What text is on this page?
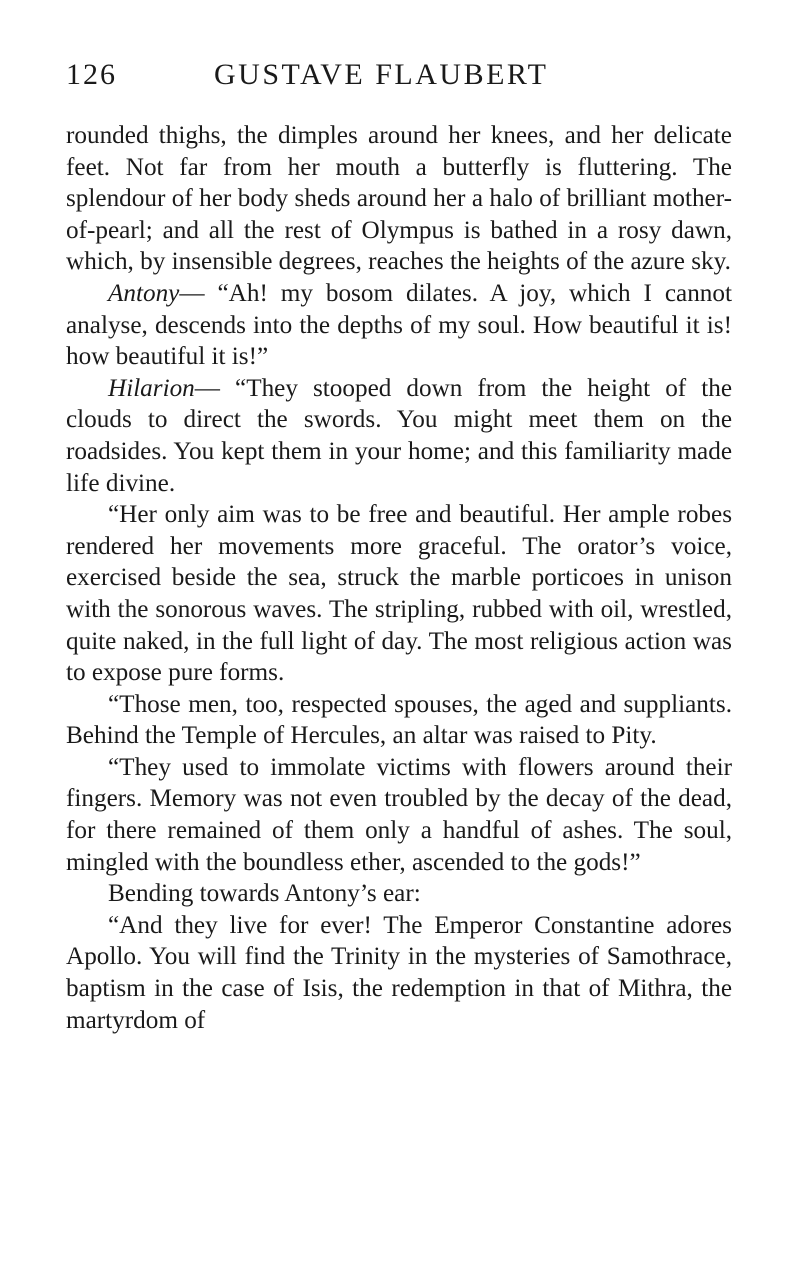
126	GUSTAVE FLAUBERT

rounded thighs, the dimples around her knees, and her delicate feet. Not far from her mouth a butterfly is fluttering. The splendour of her body sheds around her a halo of brilliant mother-of-pearl; and all the rest of Olympus is bathed in a rosy dawn, which, by insensible degrees, reaches the heights of the azure sky.

Antony— “Ah! my bosom dilates. A joy, which I cannot analyse, descends into the depths of my soul. How beautiful it is! how beautiful it is!”

Hilarion— “They stooped down from the height of the clouds to direct the swords. You might meet them on the roadsides. You kept them in your home; and this familiarity made life divine.

“Her only aim was to be free and beautiful. Her ample robes rendered her movements more graceful. The orator’s voice, exercised beside the sea, struck the marble porticoes in unison with the sonorous waves. The stripling, rubbed with oil, wrestled, quite naked, in the full light of day. The most religious action was to expose pure forms.

“Those men, too, respected spouses, the aged and suppliants. Behind the Temple of Hercules, an altar was raised to Pity.

“They used to immolate victims with flowers around their fingers. Memory was not even troubled by the decay of the dead, for there remained of them only a handful of ashes. The soul, mingled with the boundless ether, ascended to the gods!”

Bending towards Antony’s ear:

“And they live for ever! The Emperor Constantine adores Apollo. You will find the Trinity in the mysteries of Samothrace, baptism in the case of Isis, the redemption in that of Mithra, the martyrdom of
